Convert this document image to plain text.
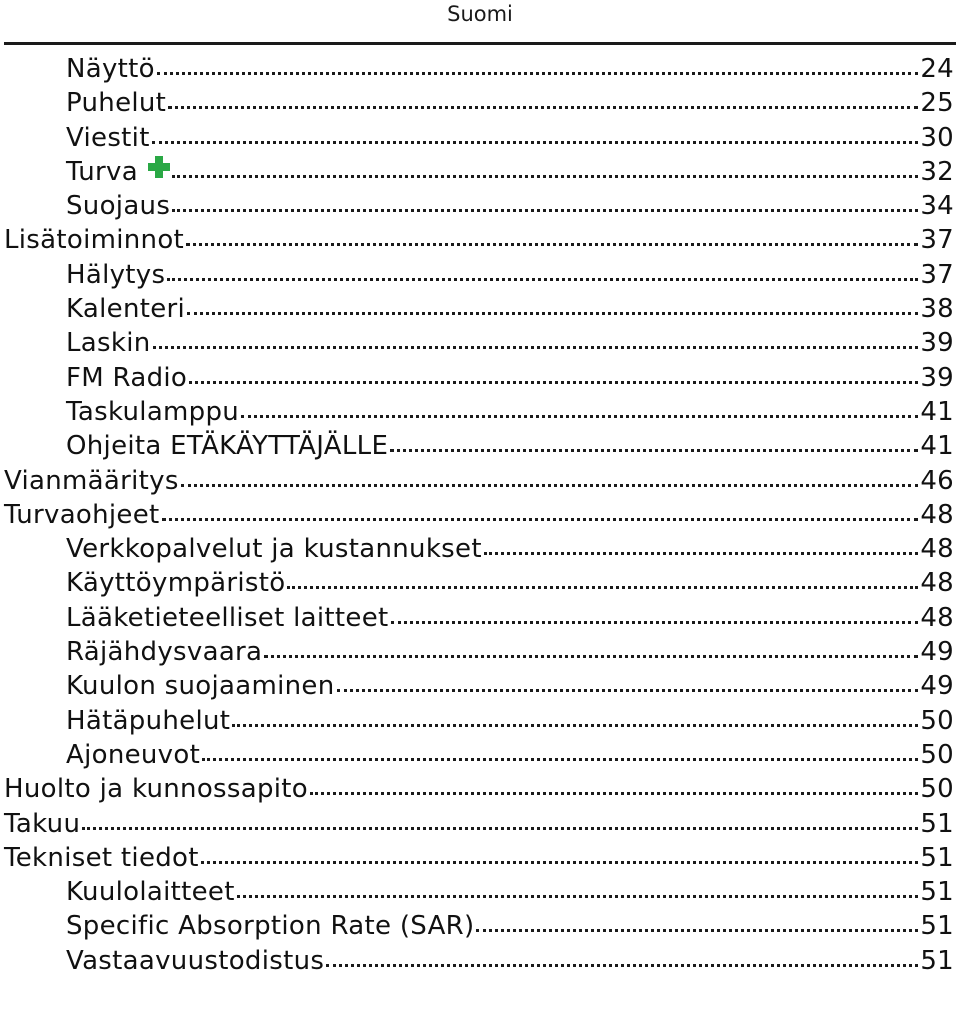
Suomi
Näyttö	24
Puhelut	25
Viestit	30
Turva	32
Suojaus	34
Lisätoiminnot	37
Hälytys	37
Kalenteri	38
Laskin	39
FM Radio	39
Taskulamppu	41
Ohjeita ETÄKÄYTTÄJÄLLE	41
Vianmääritys	46
Turvaohjeet	48
Verkkopalvelut ja kustannukset	48
Käyttöympäristö	48
Lääketieteelliset laitteet	48
Räjähdysvaara	49
Kuulon suojaaminen	49
Hätäpuhelut	50
Ajoneuvot	50
Huolto ja kunnossapito	50
Takuu	51
Tekniset tiedot	51
Kuulolaitteet	51
Specific Absorption Rate (SAR)	51
Vastaavuustodistus	51
